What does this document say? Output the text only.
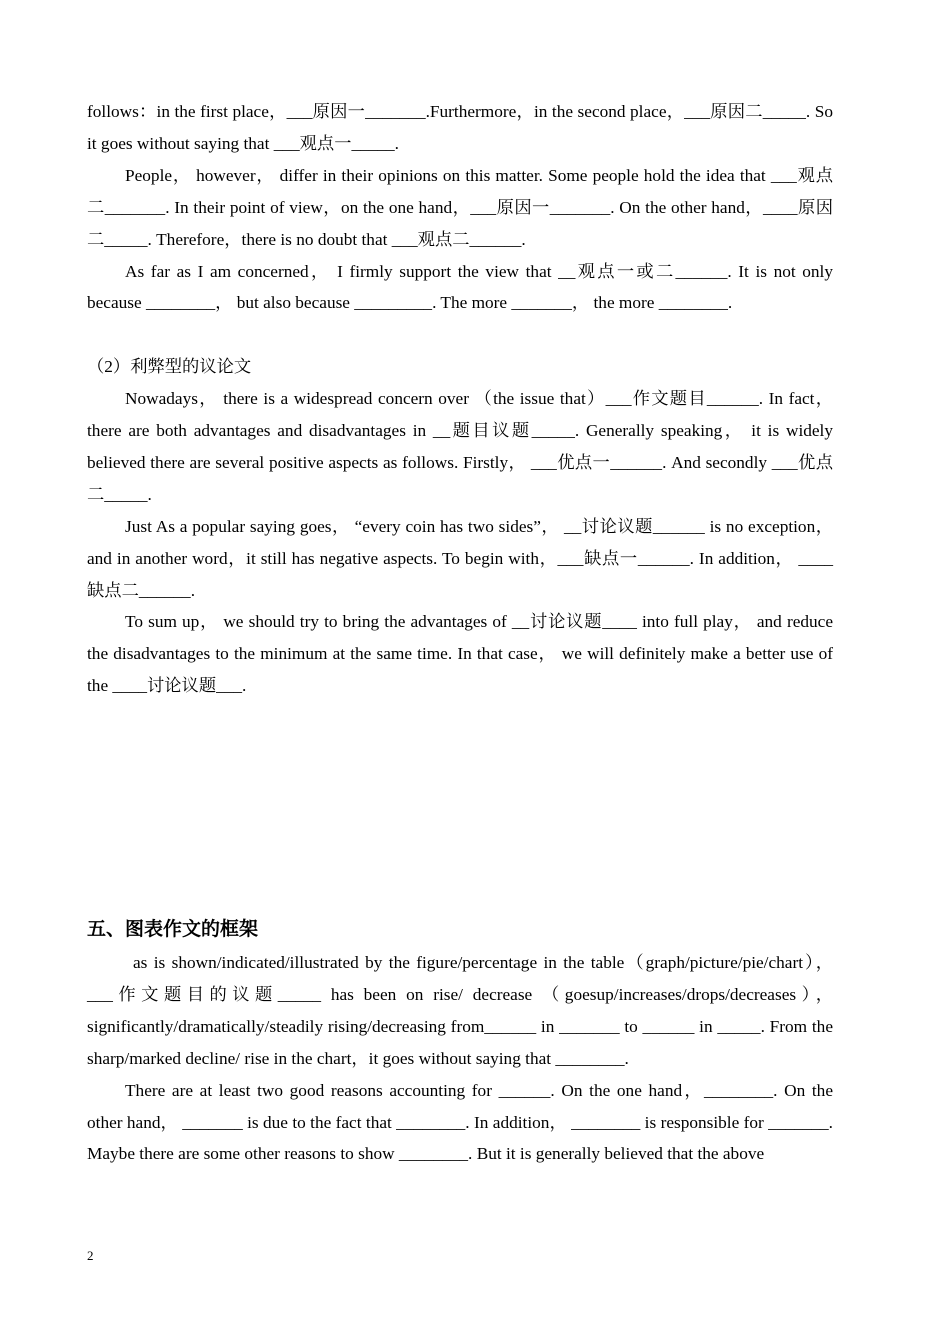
follows：in the first place，___原因一_______.Furthermore，in the second place，___原因二_____. So it goes without saying that ___观点一_____.

People， however， differ in their opinions on this matter. Some people hold the idea that ___观点二_______. In their point of view，on the one hand，___原因一_______. On the other hand，____原因二_____. Therefore，there is no doubt that ___观点二______.

As far as I am concerned， I firmly support the view that __观点一或二______. It is not only because ________， but also because _________. The more _______， the more ________.

（2）利弊型的议论文

Nowadays， there is a widespread concern over （the issue that）___作文题目______. In fact， there are both advantages and disadvantages in __题目议题_____. Generally speaking， it is widely believed there are several positive aspects as follows. Firstly， ___优点一______. And secondly ___优点二_____.

Just As a popular saying goes， “every coin has two sides”， __讨论议题______ is no exception，and in another word，it still has negative aspects. To begin with，___缺点一______. In addition， ____缺点二______.

To sum up， we should try to bring the advantages of __讨论议题____ into full play， and reduce the disadvantages to the minimum at the same time. In that case， we will definitely make a better use of the ____讨论议题___.

五、图表作文的框架

as is shown/indicated/illustrated by the figure/percentage in the table（graph/picture/pie/chart）， ___作文题目的议题_____ has been on rise/ decrease （goesup/increases/drops/decreases）， significantly/dramatically/steadily rising/decreasing from______ in _______ to ______ in _____. From the sharp/marked decline/ rise in the chart，it goes without saying that ________.

There are at least two good reasons accounting for ______. On the one hand，________. On the other hand， _______ is due to the fact that ________. In addition， ________ is responsible for _______. Maybe there are some other reasons to show ________. But it is generally believed that the above

2
